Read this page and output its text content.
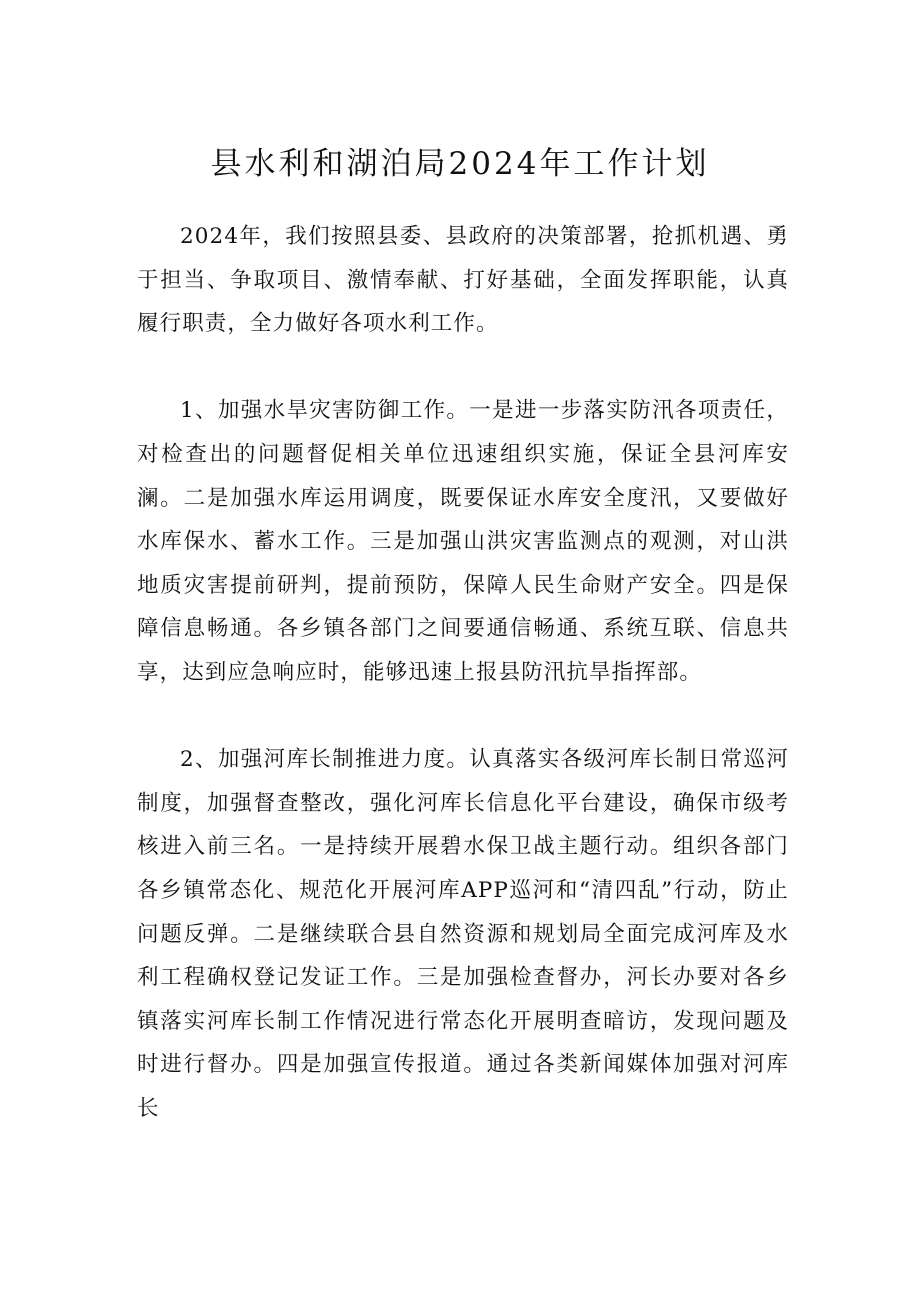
县水利和湖泊局2024年工作计划

2024年，我们按照县委、县政府的决策部署，抢抓机遇、勇于担当、争取项目、激情奉献、打好基础，全面发挥职能，认真履行职责，全力做好各项水利工作。

1、加强水旱灾害防御工作。一是进一步落实防汛各项责任，对检查出的问题督促相关单位迅速组织实施，保证全县河库安澜。二是加强水库运用调度，既要保证水库安全度汛，又要做好水库保水、蓄水工作。三是加强山洪灾害监测点的观测，对山洪地质灾害提前研判，提前预防，保障人民生命财产安全。四是保障信息畅通。各乡镇各部门之间要通信畅通、系统互联、信息共享，达到应急响应时，能够迅速上报县防汛抗旱指挥部。

2、加强河库长制推进力度。认真落实各级河库长制日常巡河制度，加强督查整改，强化河库长信息化平台建设，确保市级考核进入前三名。一是持续开展碧水保卫战主题行动。组织各部门各乡镇常态化、规范化开展河库APP巡河和“清四乱”行动，防止问题反弹。二是继续联合县自然资源和规划局全面完成河库及水利工程确权登记发证工作。三是加强检查督办，河长办要对各乡镇落实河库长制工作情况进行常态化开展明查暗访，发现问题及时进行督办。四是加强宣传报道。通过各类新闻媒体加强对河库长
